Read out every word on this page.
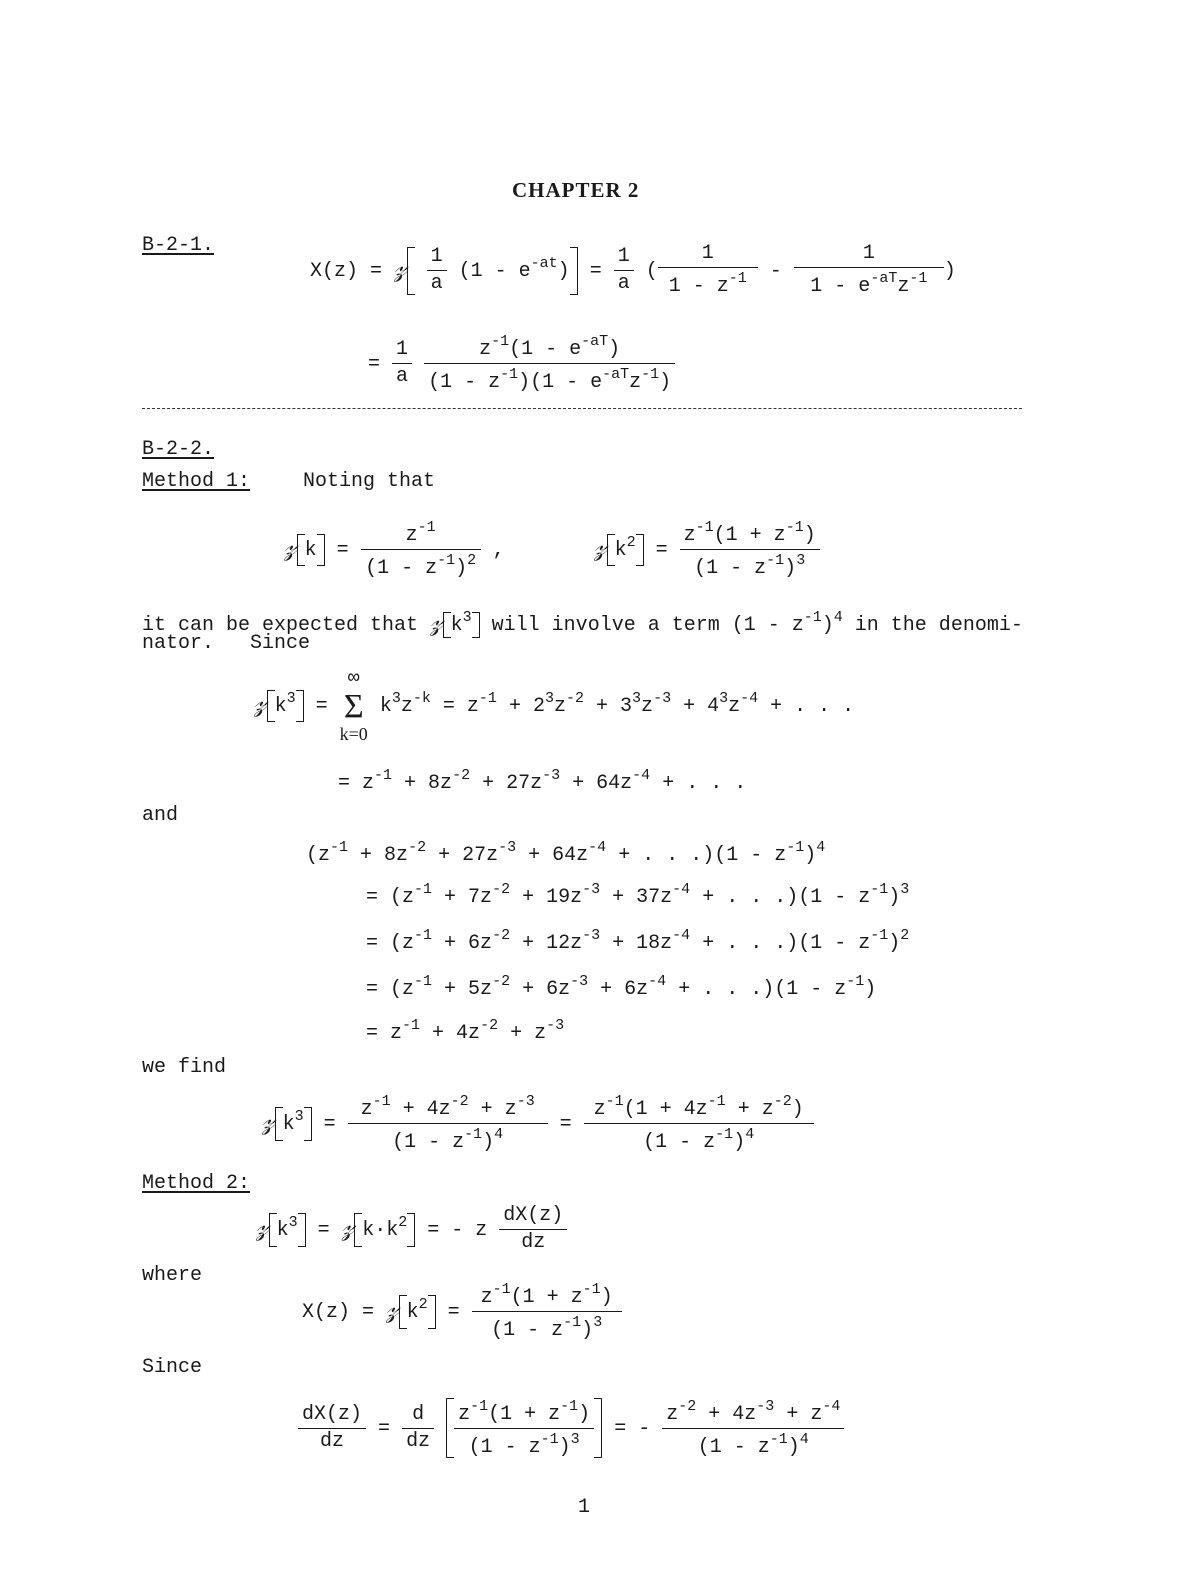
CHAPTER 2
B-2-1.
X(z) = 𝓏 $\frac{1}{a} (1 - e^{-at}) = \frac{1}{a}$ ( $\frac{1}{1 - z^{-1}} - \frac{1}{1 - e^{-aT}z^{-1}}$ )
= $\frac{1}{a}$
$\frac{z^{-1}(1 - e^{-aT})}{(1 - z^{-1})(1 - e^{-aT}z^{-1})}$
B-2-2.
Method 1:	Noting that
𝓏 $k = \frac{z^{-1}}{(1 - z^{-1})^2}$ ,	𝓏 $k^2 = \frac{z^{-1}(1 + z^{-1})}{(1 - z^{-1})^3}$
it can be expected that 𝓏 $k^3$ will involve a term $(1 - z^{-1})^4$ in the denomi-
nator. Since
𝓏 $k^3$ =
∞
Σ
k=0
$k^3z^{-k} = z^{-1} + 2^3z^{-2} + 3^3z^{-3} + 4^3z^{-4}$ + . . .
= $z^{-1} + 8z^{-2} + 27z^{-3} + 64z^{-4}$ + . . .
and
($z^{-1} + 8z^{-2} + 27z^{-3} + 64z^{-4}$ + . . $.)(1 - z^{-1})^4$
= ($z^{-1} + 7z^{-2} + 19z^{-3} + 37z^{-4}$ + . . $.)(1 - z^{-1})^3$
= ($z^{-1} + 6z^{-2} + 12z^{-3} + 18z^{-4}$ + . . $.)(1 - z^{-1})^2$
= ($z^{-1} + 5z^{-2} + 6z^{-3} + 6z^{-4}$ + . . $.)(1 - z^{-1})$
= $z^{-1} + 4z^{-2} + z^{-3}$
we find
𝓏 $k^3 = \frac{z^{-1} + 4z^{-2} + z^{-3}}{(1 - z^{-1})^4} = \frac{z^{-1}(1 + 4z^{-1} + z^{-2})}{(1 - z^{-1})^4}$
Method 2:
𝓏 $k^3$ = 𝓏 $k\cdot k^2$ = - z $\frac{dX(z)}{dz}$
where
X(z) = 𝓏 $k^2 = \frac{z^{-1}(1 + z^{-1})}{(1 - z^{-1})^3}$
Since
$\frac{dX(z)}{dz} = \frac{d}{dz}$
$\frac{z^{-1}(1 + z^{-1})}{(1 - z^{-1})^3}$ = - $\frac{z^{-2} + 4z^{-3} + z^{-4}}{(1 - z^{-1})^4}$
1
